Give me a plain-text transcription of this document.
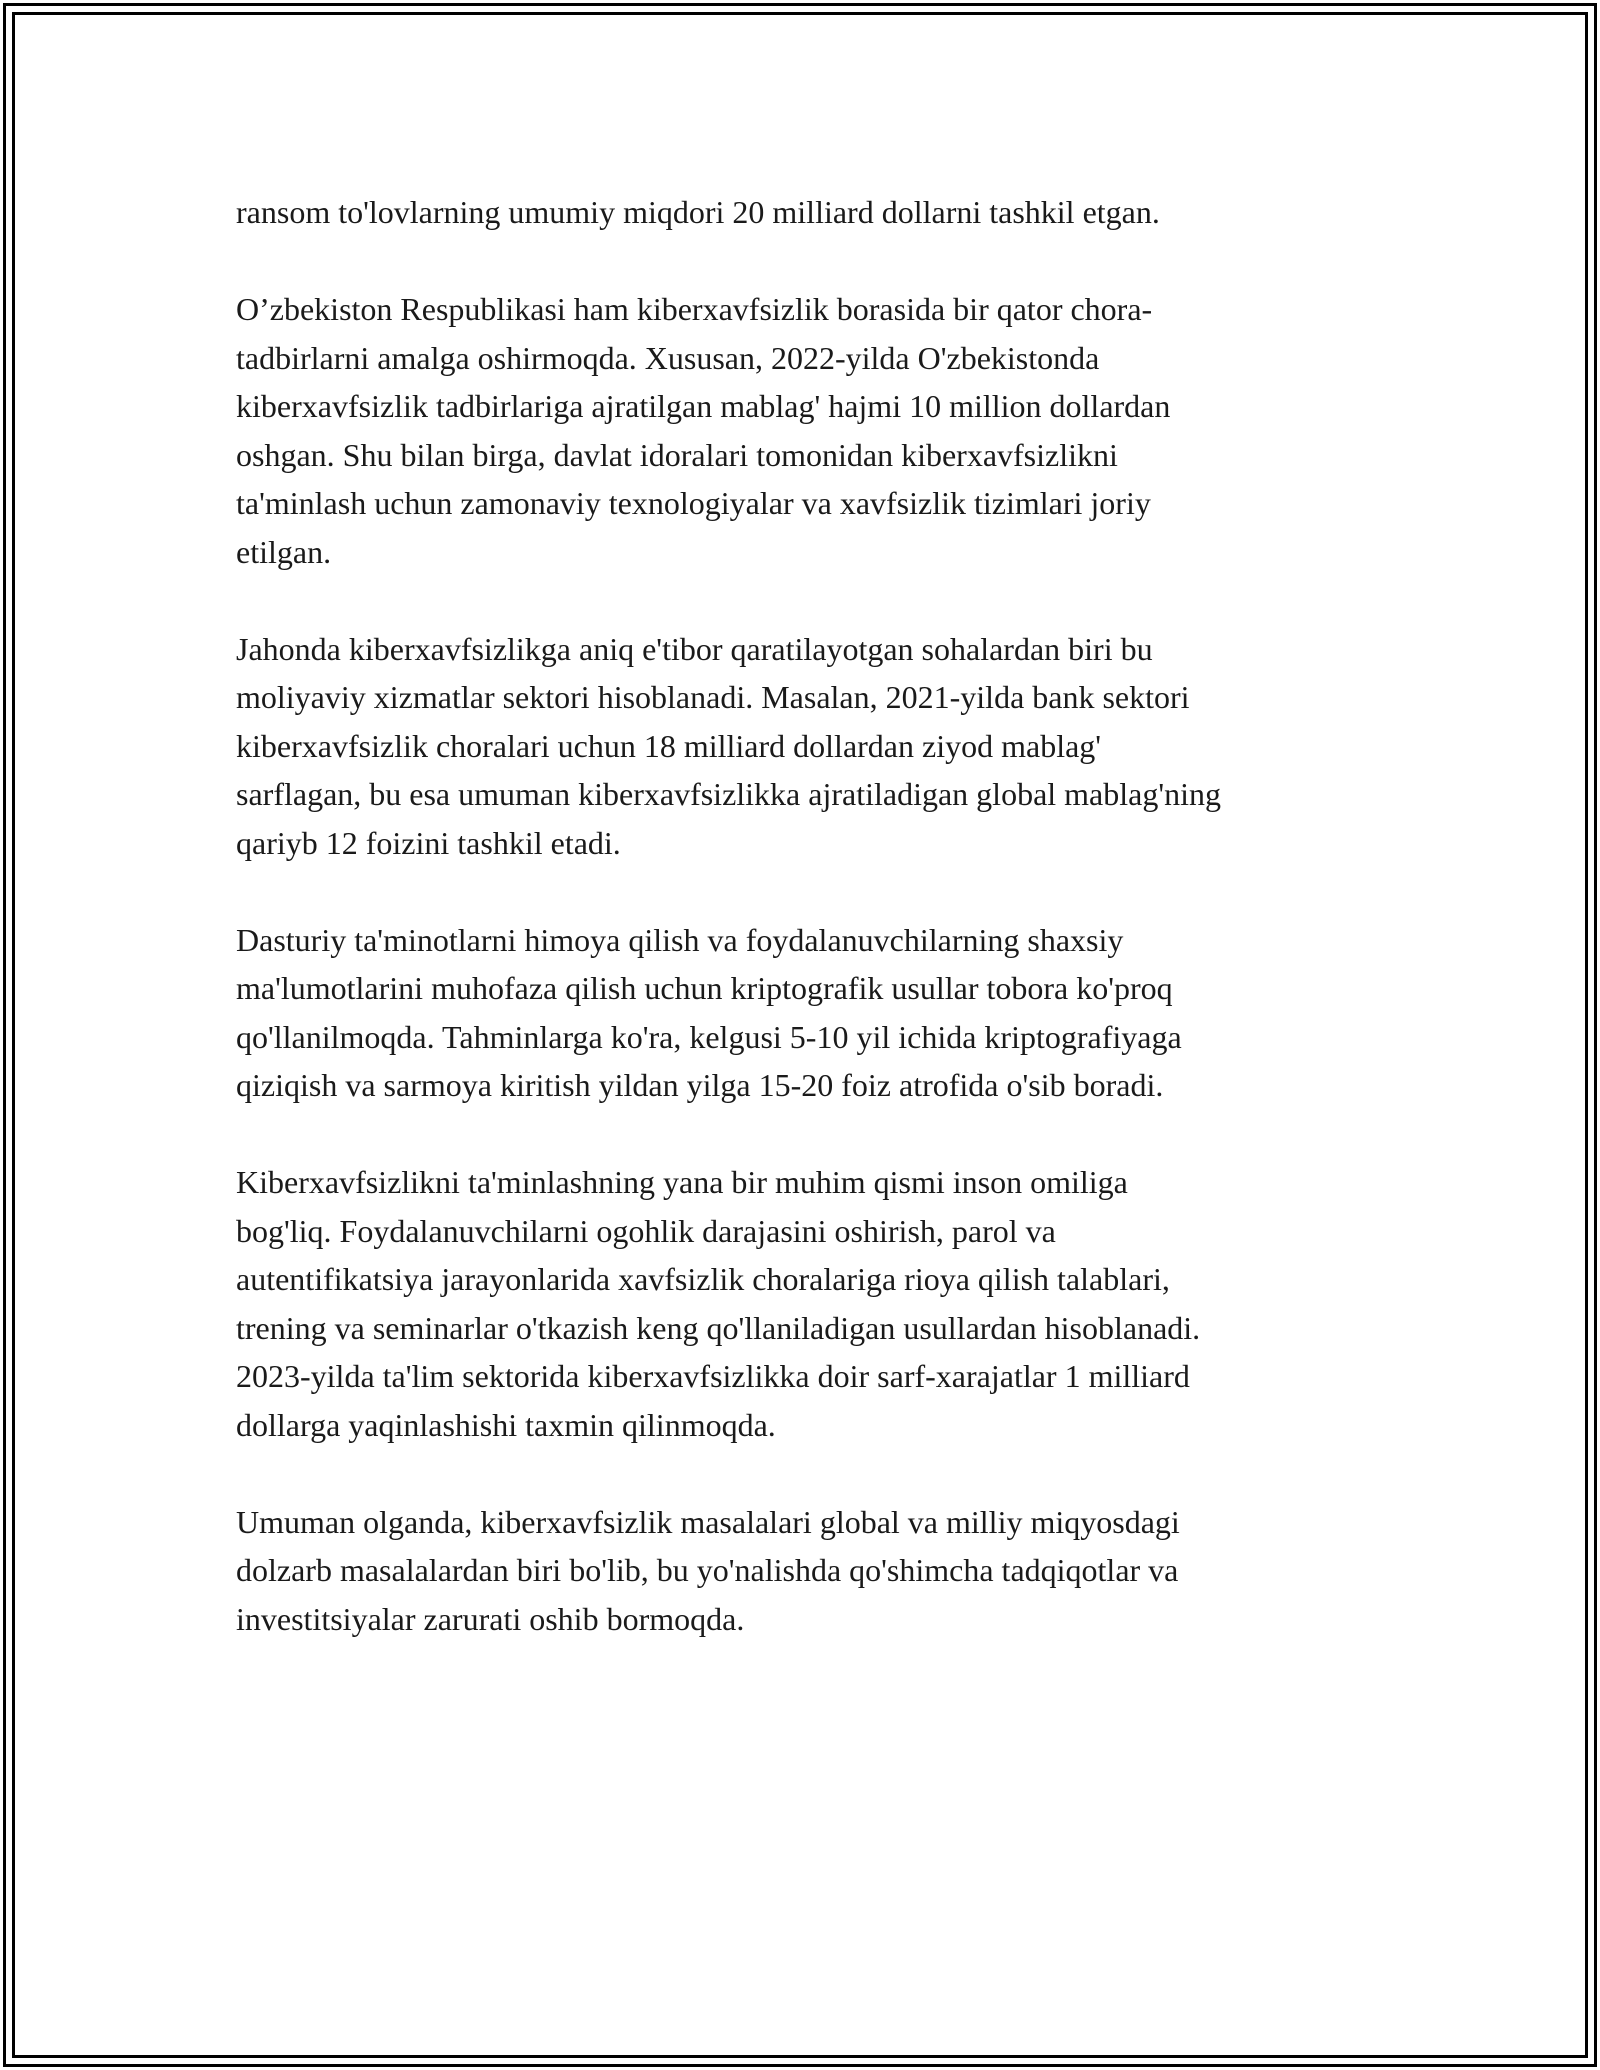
ransom to'lovlarning umumiy miqdori 20 milliard dollarni tashkil etgan.

O’zbekiston Respublikasi ham kiberxavfsizlik borasida bir qator chora-
tadbirlarni amalga oshirmoqda. Xususan, 2022-yilda O'zbekistonda
kiberxavfsizlik tadbirlariga ajratilgan mablag' hajmi 10 million dollardan
oshgan. Shu bilan birga, davlat idoralari tomonidan kiberxavfsizlikni
ta'minlash uchun zamonaviy texnologiyalar va xavfsizlik tizimlari joriy
etilgan.

Jahonda kiberxavfsizlikga aniq e'tibor qaratilayotgan sohalardan biri bu
moliyaviy xizmatlar sektori hisoblanadi. Masalan, 2021-yilda bank sektori
kiberxavfsizlik choralari uchun 18 milliard dollardan ziyod mablag'
sarflagan, bu esa umuman kiberxavfsizlikka ajratiladigan global mablag'ning
qariyb 12 foizini tashkil etadi.

Dasturiy ta'minotlarni himoya qilish va foydalanuvchilarning shaxsiy
ma'lumotlarini muhofaza qilish uchun kriptografik usullar tobora ko'proq
qo'llanilmoqda. Tahminlarga ko'ra, kelgusi 5-10 yil ichida kriptografiyaga
qiziqish va sarmoya kiritish yildan yilga 15-20 foiz atrofida o'sib boradi.

Kiberxavfsizlikni ta'minlashning yana bir muhim qismi inson omiliga
bog'liq. Foydalanuvchilarni ogohlik darajasini oshirish, parol va
autentifikatsiya jarayonlarida xavfsizlik choralariga rioya qilish talablari,
trening va seminarlar o'tkazish keng qo'llaniladigan usullardan hisoblanadi.
2023-yilda ta'lim sektorida kiberxavfsizlikka doir sarf-xarajatlar 1 milliard
dollarga yaqinlashishi taxmin qilinmoqda.

Umuman olganda, kiberxavfsizlik masalalari global va milliy miqyosdagi
dolzarb masalalardan biri bo'lib, bu yo'nalishda qo'shimcha tadqiqotlar va
investitsiyalar zarurati oshib bormoqda.
